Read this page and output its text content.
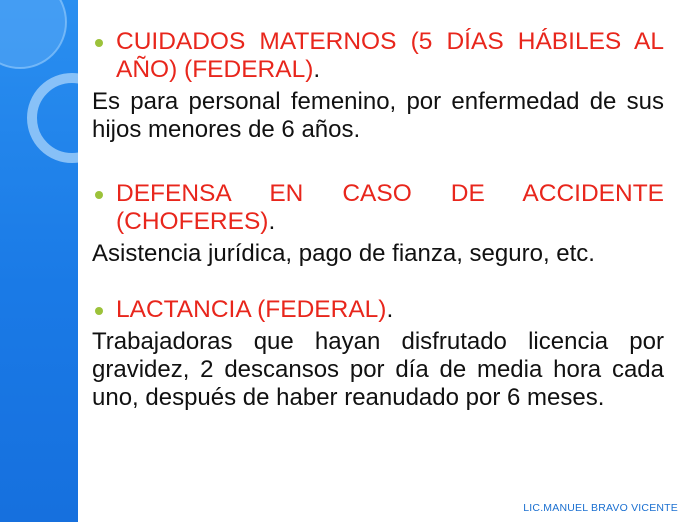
CUIDADOS MATERNOS (5 DÍAS HÁBILES AL AÑO) (FEDERAL).
Es para personal femenino, por enfermedad de sus hijos menores de 6 años.
DEFENSA EN CASO DE ACCIDENTE (CHOFERES).
Asistencia jurídica, pago de fianza, seguro, etc.
LACTANCIA (FEDERAL).
Trabajadoras que hayan disfrutado licencia por gravidez, 2 descansos por día de media hora cada uno, después de haber reanudado por 6 meses.
LIC.MANUEL BRAVO VICENTE
